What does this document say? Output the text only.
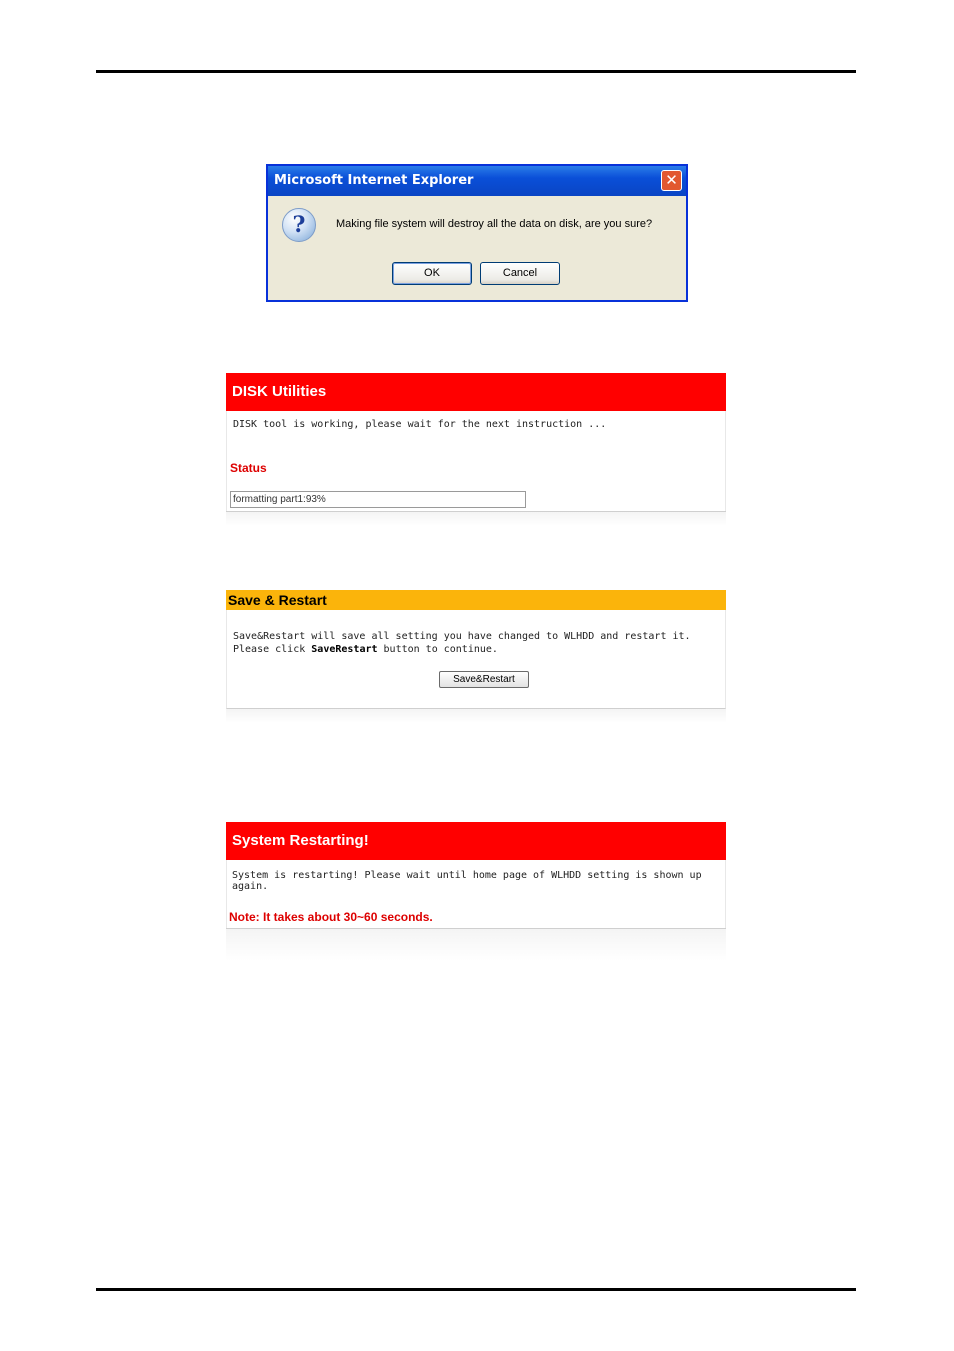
Microsoft Internet Explorer	✕
?	Making file system will destroy all the data on disk, are you sure?
OK	Cancel
DISK Utilities
DISK tool is working, please wait for the next instruction ...
Status
formatting part1:93%
Save & Restart
Save&Restart will save all setting you have changed to WLHDD and restart it. Please click SaveRestart button to continue.
Save&Restart
System Restarting!
System is restarting! Please wait until home page of WLHDD setting is shown up again.
Note: It takes about 30~60 seconds.
